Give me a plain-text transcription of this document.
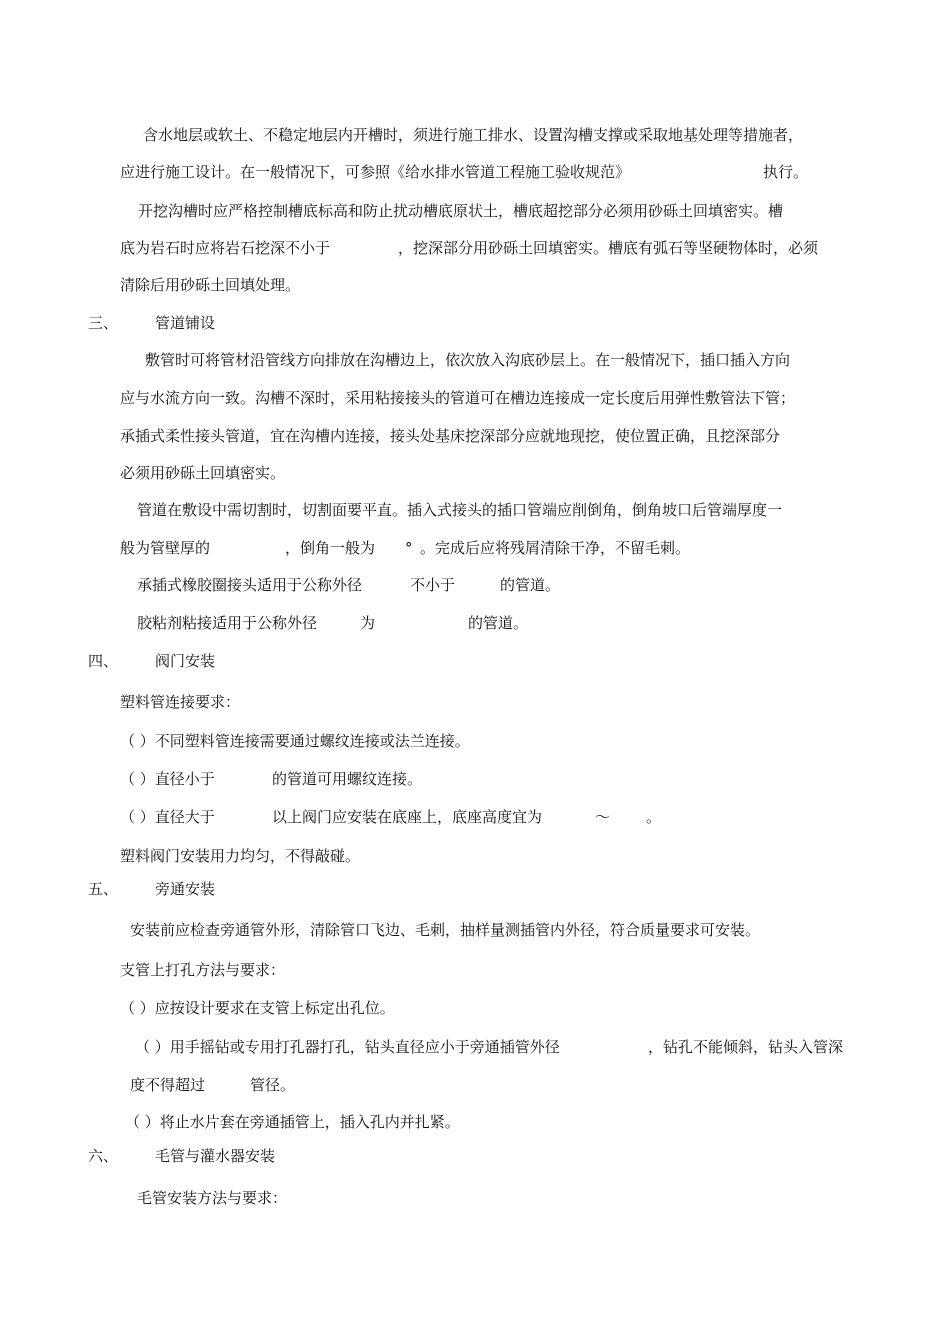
含水地层或软土、不稳定地层内开槽时，须进行施工排水、设置沟槽支撑或采取地基处理等措施者，
应进行施工设计。在一般情况下，可参照《给水排水管道工程施工验收规范》	执行。
开挖沟槽时应严格控制槽底标高和防止扰动槽底原状土，槽底超挖部分必须用砂砾土回填密实。槽
底为岩石时应将岩石挖深不小于	，挖深部分用砂砾土回填密实。槽底有弧石等坚硬物体时，必须
清除后用砂砾土回填处理。
三、 管道铺设
敷管时可将管材沿管线方向排放在沟槽边上，依次放入沟底砂层上。在一般情况下，插口插入方向
应与水流方向一致。沟槽不深时，采用粘接接头的管道可在槽边连接成一定长度后用弹性敷管法下管；
承插式柔性接头管道，宜在沟槽内连接，接头处基床挖深部分应就地现挖，使位置正确，且挖深部分
必须用砂砾土回填密实。
管道在敷设中需切割时，切割面要平直。插入式接头的插口管端应削倒角，倒角坡口后管端厚度一
般为管壁厚的	，倒角一般为 ° 。完成后应将残屑清除干净，不留毛刺。
承插式橡胶圈接头适用于公称外径	不小于	的管道。
胶粘剂粘接适用于公称外径	为	的管道。
四、 阀门安装
塑料管连接要求：
（ ）不同塑料管连接需要通过螺纹连接或法兰连接。
（ ）直径小于	的管道可用螺纹连接。
（ ）直径大于	以上阀门应安装在底座上，底座高度宜为	～ 。
塑料阀门安装用力均匀，不得敲碰。
五、 旁通安装
安装前应检查旁通管外形，清除管口飞边、毛刺，抽样量测插管内外径，符合质量要求可安装。
支管上打孔方法与要求：
（ ）应按设计要求在支管上标定出孔位。
（ ）用手摇钻或专用打孔器打孔，钻头直径应小于旁通插管外径	，钻孔不能倾斜，钻头入管深
度不得超过	管径。
（ ）将止水片套在旁通插管上，插入孔内并扎紧。
六、 毛管与灌水器安装
毛管安装方法与要求：
